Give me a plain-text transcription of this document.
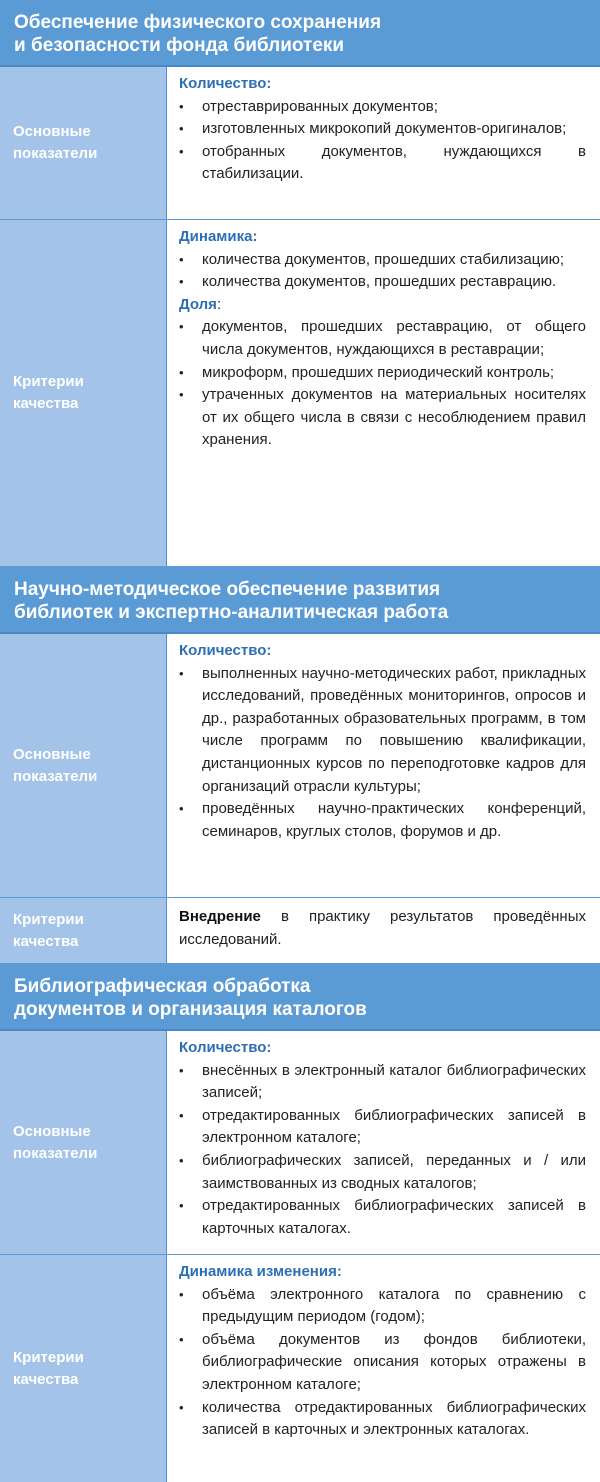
Обеспечение физического сохранения
и безопасности фонда библиотеки
Основные
показатели
Количество:
• отреставрированных документов;
• изготовленных микрокопий документов-оригиналов;
• отобранных документов, нуждающихся в стабилизации.
Критерии
качества
Динамика:
• количества документов, прошедших стабилизацию;
• количества документов, прошедших реставрацию.
Доля:
• документов, прошедших реставрацию, от общего числа документов, нуждающихся в реставрации;
• микроформ, прошедших периодический контроль;
• утраченных документов на материальных носителях от их общего числа в связи с несоблюдением правил хранения.
Научно-методическое обеспечение развития
библиотек и экспертно-аналитическая работа
Основные
показатели
Количество:
• выполненных научно-методических работ, прикладных исследований, проведённых мониторингов, опросов и др., разработанных образовательных программ, в том числе программ по повышению квалификации, дистанционных курсов по переподготовке кадров для организаций отрасли культуры;
• проведённых научно-практических конференций, семинаров, круглых столов, форумов и др.
Критерии
качества
Внедрение в практику результатов проведённых исследований.
Библиографическая обработка
документов и организация каталогов
Основные
показатели
Количество:
• внесённых в электронный каталог библиографических записей;
• отредактированных библиографических записей в электронном каталоге;
• библиографических записей, переданных и / или заимствованных из сводных каталогов;
• отредактированных библиографических записей в карточных каталогах.
Критерии
качества
Динамика изменения:
• объёма электронного каталога по сравнению с предыдущим периодом (годом);
• объёма документов из фондов библиотеки, библиографические описания которых отражены в электронном каталоге;
• количества отредактированных библиографических записей в карточных и электронных каталогах.
